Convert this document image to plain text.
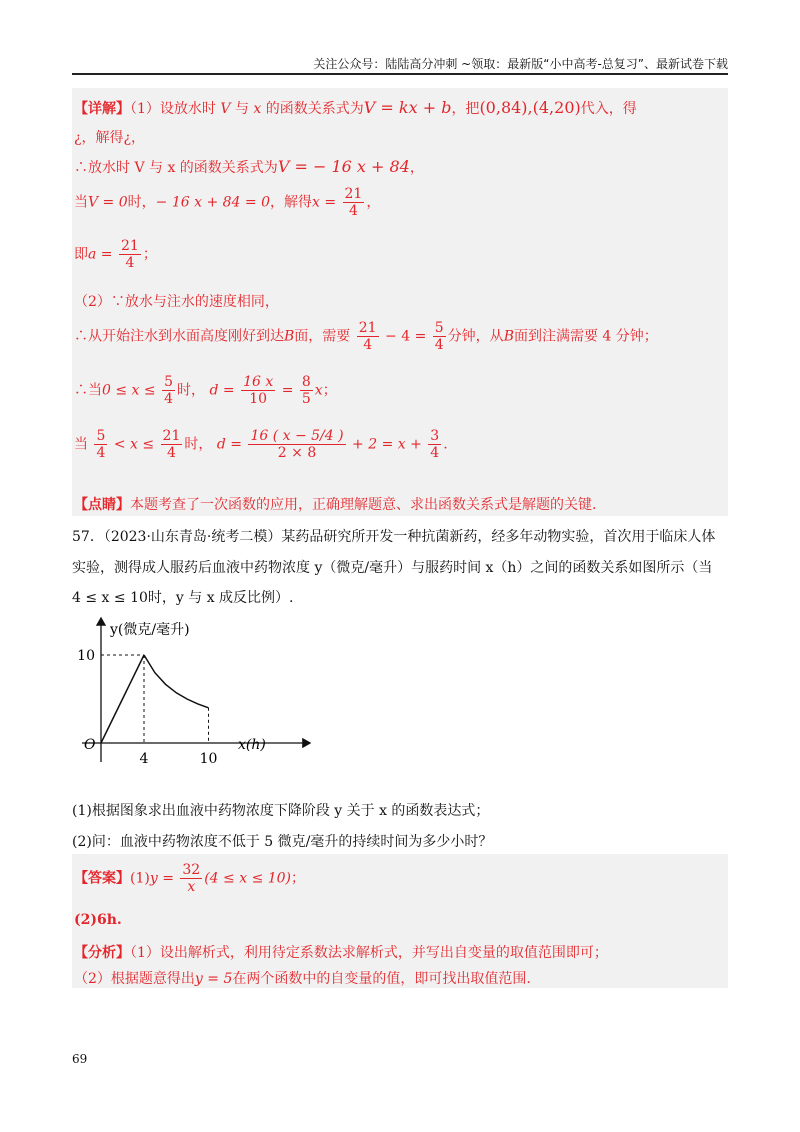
关注公众号：陆陆高分冲刺 ~领取：最新版“小中高考-总复习”、最新试卷下载
【详解】（1）设放水时 V 与 x 的函数关系式为V = kx + b，把(0,84),(4,20)代入，得
¿，解得¿，
∴放水时 V 与 x 的函数关系式为V = − 16 x + 84，
当V = 0时，− 16 x + 84 = 0，解得$x = \frac{21}{4}$ ，
即$a = \frac{21}{4}$ ；
（2）∵放水与注水的速度相同，
∴从开始注水到水面高度刚好到达B面，需要 $\frac{21}{4} - 4 = \frac{5}{4}$ 分钟，从B面到注满需要 4 分钟；
∴当$0 \le x \le \frac{5}{4}$ 时， $d = \frac{16 x}{10} = \frac{8}{5}$ x；
当 $\frac{5}{4} < x \le \frac{21}{4}$ 时， $d = \frac{16 ( x - 5/4 )}{2 \times 8} + 2 = x + \frac{3}{4}$ .
【点睛】本题考查了一次函数的应用，正确理解题意、求出函数关系式是解题的关键.
57．（2023·山东青岛·统考二模）某药品研究所开发一种抗菌新药，经多年动物实验，首次用于临床人体
实验，测得成人服药后血液中药物浓度 y（微克/毫升）与服药时间 x（h）之间的函数关系如图所示（当
4 ≤ x ≤ 10时，y 与 x 成反比例）.
4	10
10
y(微克/毫升)
x(h)
O
(1)根据图象求出血液中药物浓度下降阶段 y 关于 x 的函数表达式；
(2)问：血液中药物浓度不低于 5 微克/毫升的持续时间为多少小时？
【答案】$(1)y = \frac{32}{x} (4 \le x \le 10)$；
(2)6h.
【分析】（1）设出解析式，利用待定系数法求解析式，并写出自变量的取值范围即可；
（2）根据题意得出y = 5在两个函数中的自变量的值，即可找出取值范围.
69
